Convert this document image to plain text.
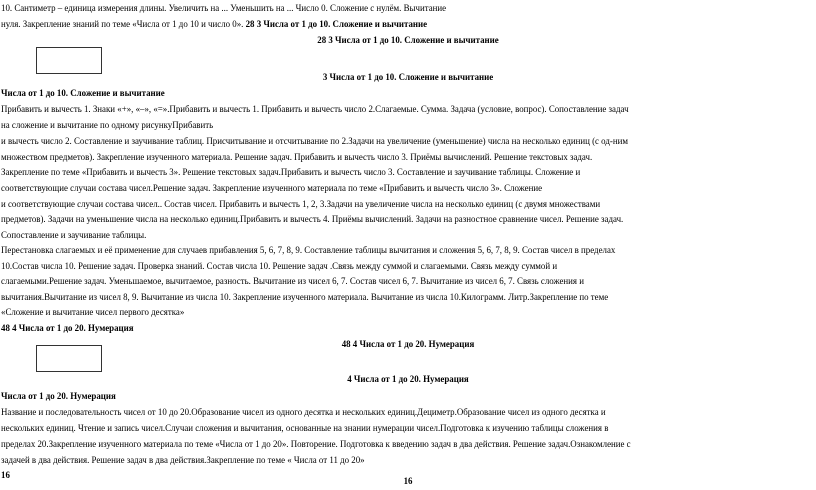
10. Сантиметр – единица измерения длины. Увеличить на ... Уменьшить на ... Число 0. Сложение с нулём. Вычитание
нуля. Закрепление знаний по теме «Числа от 1 до 10 и число 0». 28 3 Числа от 1 до 10. Сложение и вычитание
28 3 Числа от 1 до 10. Сложение и вычитание
3 Числа от 1 до 10. Сложение и вычитание
Числа от 1 до 10. Сложение и вычитание
Прибавить и вычесть 1. Знаки «+», «–», «=».Прибавить и вычесть 1. Прибавить и вычесть число 2.Слагаемые. Сумма. Задача (условие, вопрос). Сопоставление задач
на сложение и вычитание по одному рисункуПрибавить
и вычесть число 2. Составление и заучивание таблиц. Присчитывание и отсчитывание по 2.Задачи на увеличение (уменьшение) числа на несколько единиц (с од-ним
множеством предметов). Закрепление изученного материала. Решение задач. Прибавить и вычесть число 3. Приёмы вычислений. Решение текстовых задач.
Закрепление по теме «Прибавить и вычесть 3». Решение текстовых задач.Прибавить и вычесть число 3. Составление и заучивание таблицы. Сложение и
соответствующие случаи состава чисел.Решение задач. Закрепление изученного материала по теме «Прибавить и вычесть число 3». Сложение
и соответствующие случаи состава чисел.. Состав чисел. Прибавить и вычесть 1, 2, 3.Задачи на увеличение числа на несколько единиц (с двумя множествами
предметов). Задачи на уменьшение числа на несколько единиц.Прибавить и вычесть 4. Приёмы вычислений. Задачи на разностное сравнение чисел. Решение задач.
Сопоставление и заучивание таблицы.
Перестановка слагаемых и её применение для случаев прибавления 5, 6, 7, 8, 9. Составление таблицы вычитания и сложения 5, 6, 7, 8, 9. Состав чисел в пределах
10.Состав числа 10. Решение задач. Проверка знаний. Состав числа 10. Решение задач .Связь между суммой и слагаемыми. Связь между суммой и
слагаемыми.Решение задач. Уменьшаемое, вычитаемое, разность. Вычитание из чисел 6, 7. Состав чисел 6, 7. Вычитание из чисел 6, 7. Связь сложения и
вычитания.Вычитание из чисел 8, 9. Вычитание из числа 10. Закрепление изученного материала. Вычитание из числа 10.Килограмм. Литр.Закрепление по теме
«Сложение и вычитание чисел первого десятка»
48 4 Числа от 1 до 20. Нумерация
48 4 Числа от 1 до 20. Нумерация
4 Числа от 1 до 20. Нумерация
Числа от 1 до 20. Нумерация
Название и последовательность чисел от 10 до 20.Образование чисел из одного десятка и нескольких единиц.Дециметр.Образование чисел из одного десятка и
нескольких единиц. Чтение и запись чисел.Случаи сложения и вычитания, основанные на знании нумерации чисел.Подготовка к изучению таблицы сложения в
пределах 20.Закрепление изученного материала по теме «Числа от 1 до 20». Повторение. Подготовка к введению задач в два действия. Решение задач.Ознакомление с
задачей в два действия. Решение задач в два действия.Закрепление по теме « Числа от 11 до 20»
16
16
